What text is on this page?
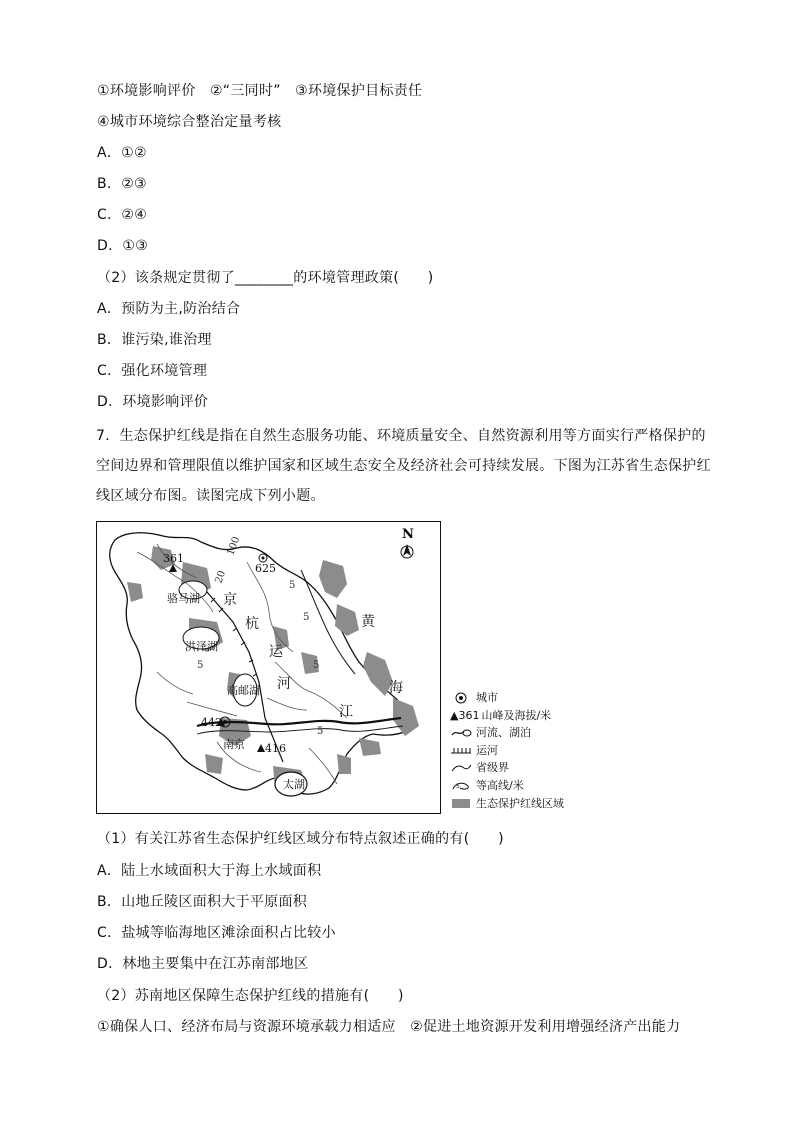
①环境影响评价　②“三同时”　③环境保护目标责任
④城市环境综合整治定量考核
A．①②
B．②③
C．②④
D．①③
（2）该条规定贯彻了________的环境管理政策(　　)
A．预防为主,防治结合
B．谁污染,谁治理
C．强化环境管理
D．环境影响评价
7．生态保护红线是指在自然生态服务功能、环境质量安全、自然资源利用等方面实行严格保护的空间边界和管理限值以维护国家和区域生态安全及经济社会可持续发展。下图为江苏省生态保护红线区域分布图。读图完成下列小题。
N
361
625
骆马湖
洪泽湖
高邮湖
南京
442
416
太湖
京
杭
运
河
江
黄
海
100
20
5
5
5
5
5
城市
▲361 山峰及海拔/米
河流、湖泊
运河
省级界
5 等高线/米
生态保护红线区域
（1）有关江苏省生态保护红线区域分布特点叙述正确的有(　　)
A．陆上水域面积大于海上水域面积
B．山地丘陵区面积大于平原面积
C．盐城等临海地区滩涂面积占比较小
D．林地主要集中在江苏南部地区
（2）苏南地区保障生态保护红线的措施有(　　)
①确保人口、经济布局与资源环境承载力相适应　②促进土地资源开发利用增强经济产出能力
